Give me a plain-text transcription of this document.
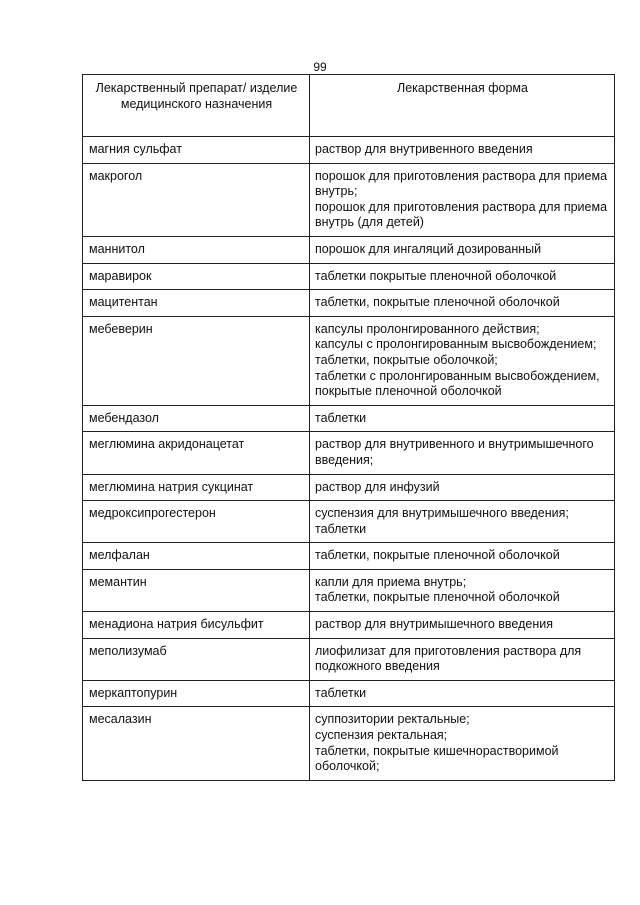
99
Лекарственный препарат/ изделие медицинского назначения	Лекарственная форма
магния сульфат	раствор для внутривенного введения

макрогол	порошок для приготовления раствора для приема внутрь;
порошок для приготовления раствора для приема внутрь (для детей)

маннитол	порошок для ингаляций дозированный

маравирок	таблетки покрытые пленочной оболочкой

мацитентан	таблетки, покрытые пленочной оболочкой

мебеверин	капсулы пролонгированного действия;
капсулы с пролонгированным высвобождением;
таблетки, покрытые оболочкой;
таблетки с пролонгированным высвобождением, покрытые пленочной оболочкой

мебендазол	таблетки

меглюмина акридонацетат	раствор для внутривенного и внутримышечного введения;

меглюмина натрия сукцинат	раствор для инфузий

медроксипрогестерон	суспензия для внутримышечного введения;
таблетки

мелфалан	таблетки, покрытые пленочной оболочкой

мемантин	капли для приема внутрь;
таблетки, покрытые пленочной оболочкой

менадиона натрия бисульфит	раствор для внутримышечного введения

меполизумаб	лиофилизат для приготовления раствора для подкожного введения

меркаптопурин	таблетки

месалазин	суппозитории ректальные;
суспензия ректальная;
таблетки, покрытые кишечнорастворимой оболочкой;
